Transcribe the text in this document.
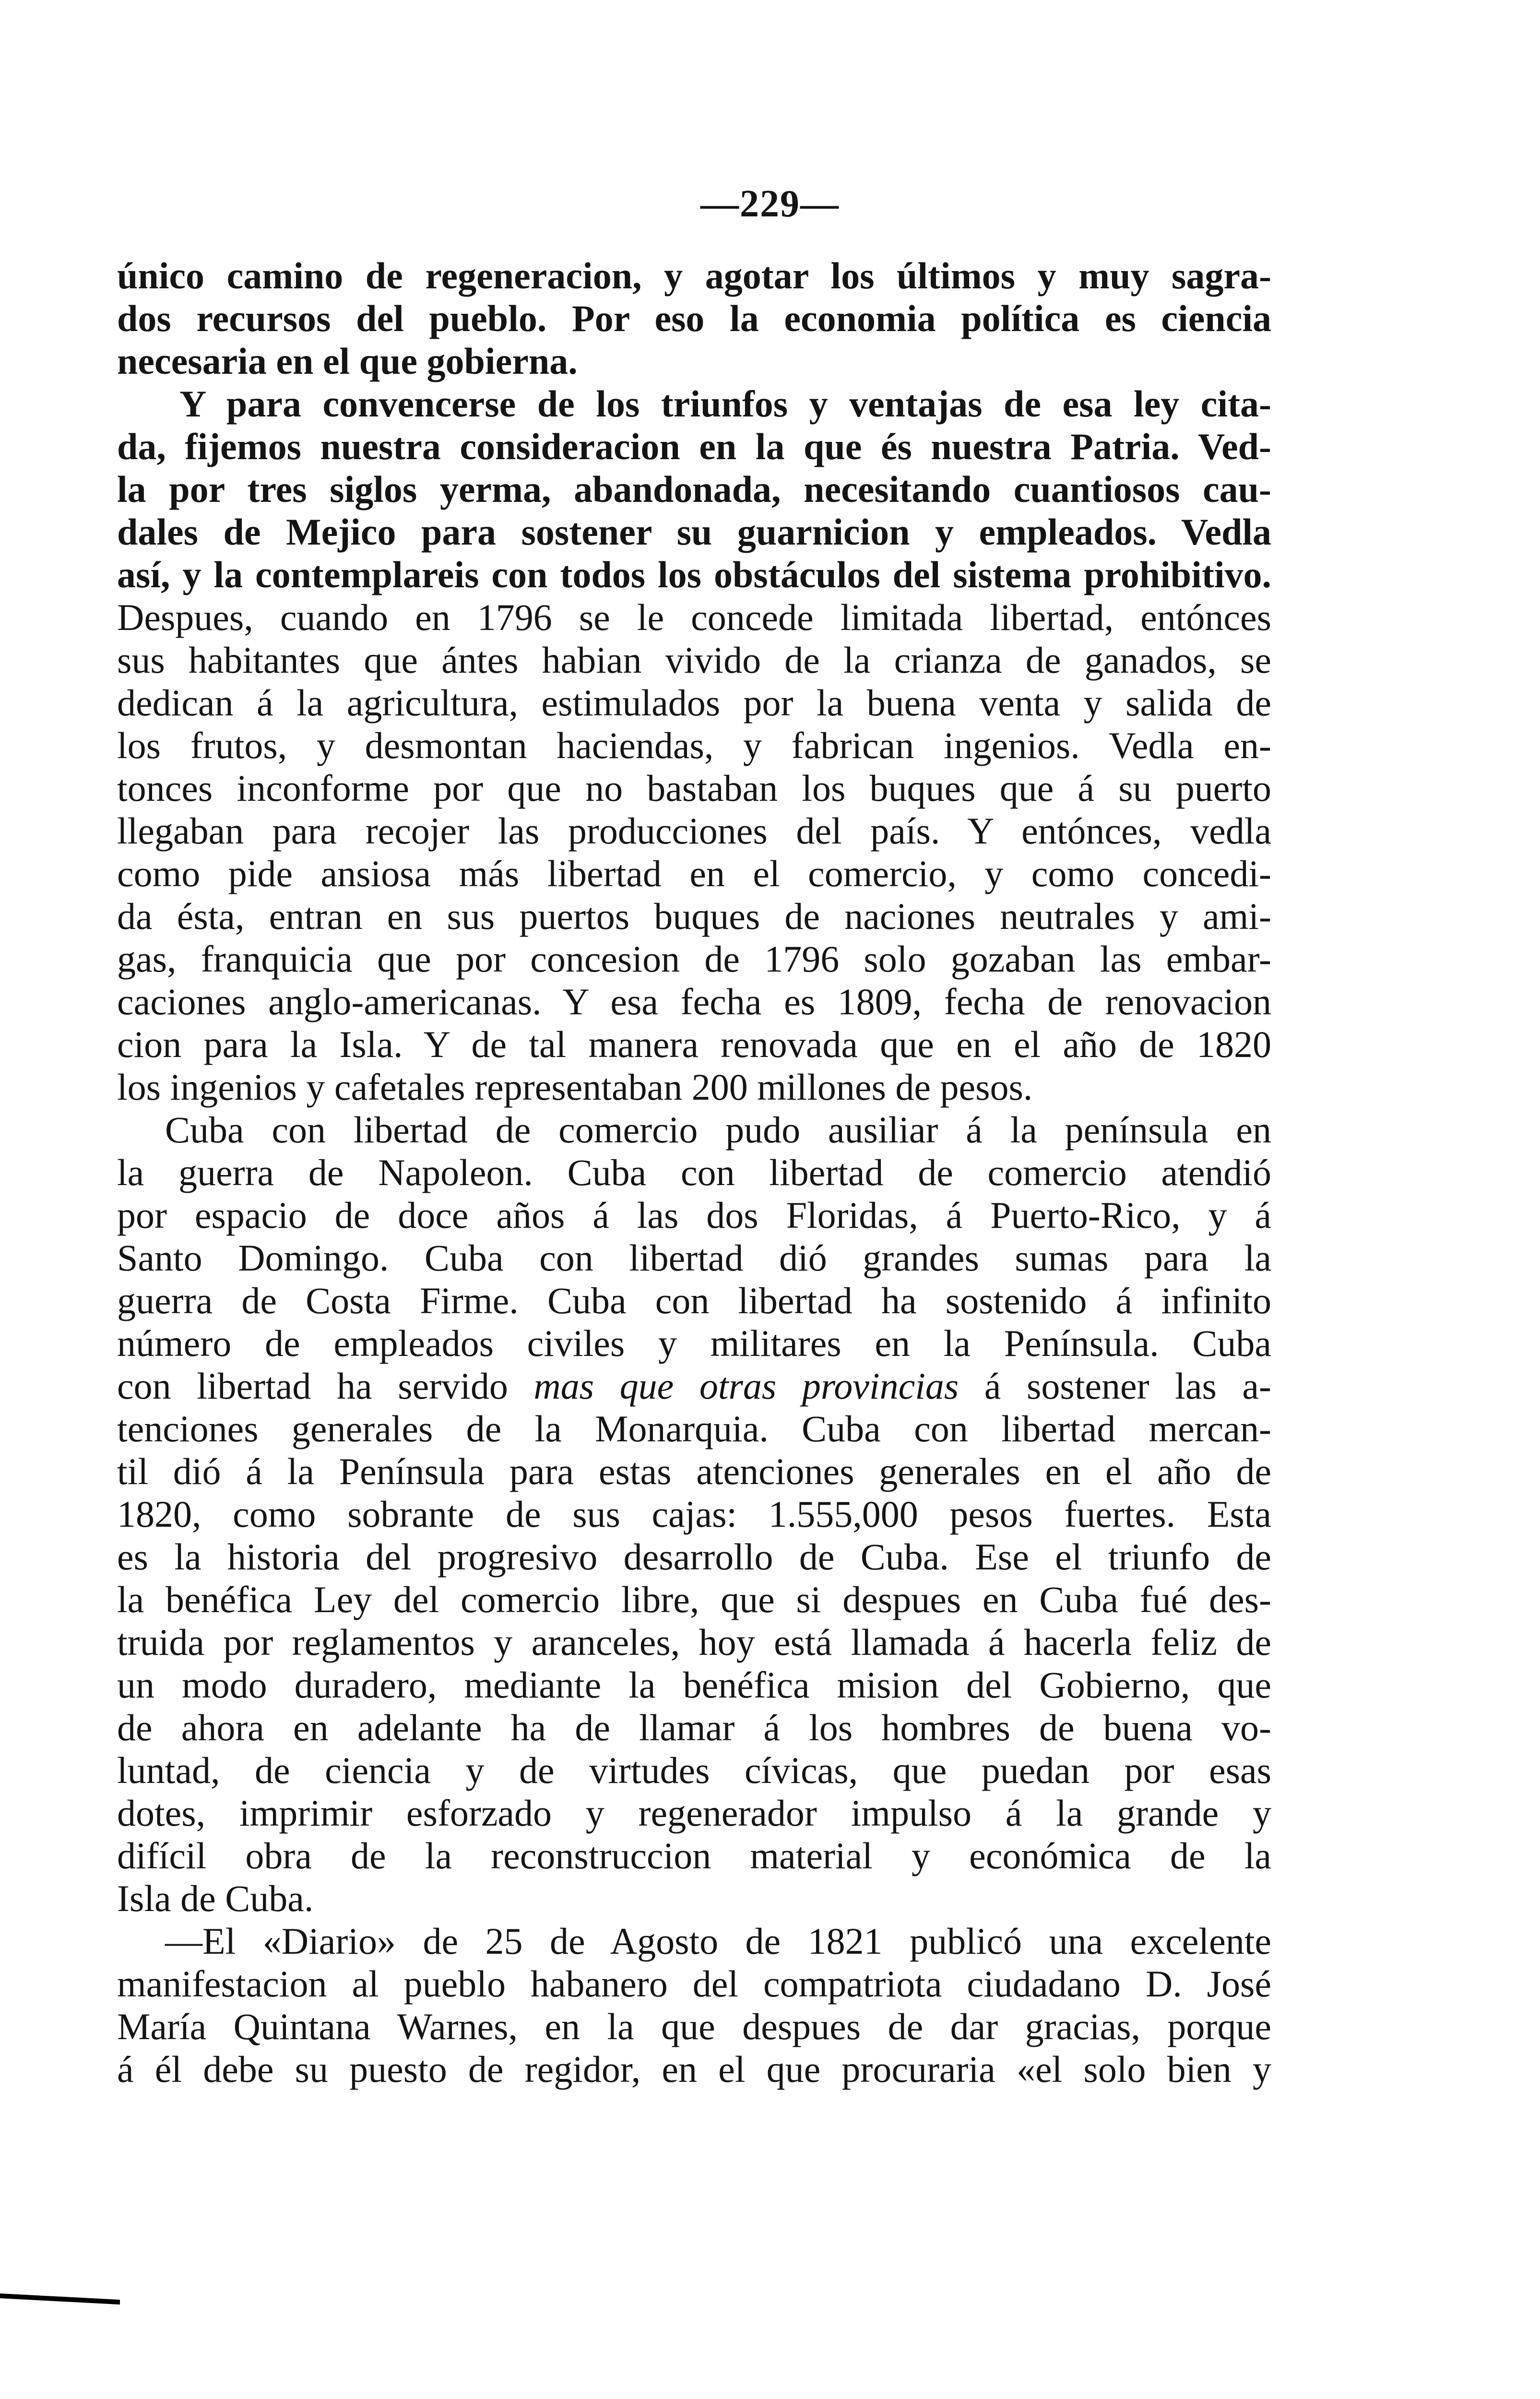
—229—
único camino de regeneracion, y agotar los últimos y muy sagra-
dos recursos del pueblo. Por eso la economia política es ciencia
necesaria en el que gobierna.
Y para convencerse de los triunfos y ventajas de esa ley cita-
da, fijemos nuestra consideracion en la que és nuestra Patria. Ved-
la por tres siglos yerma, abandonada, necesitando cuantiosos cau-
dales de Mejico para sostener su guarnicion y empleados. Vedla
así, y la contemplareis con todos los obstáculos del sistema prohibitivo.
Despues, cuando en 1796 se le concede limitada libertad, entónces
sus habitantes que ántes habian vivido de la crianza de ganados, se
dedican á la agricultura, estimulados por la buena venta y salida de
los frutos, y desmontan haciendas, y fabrican ingenios. Vedla en-
tonces inconforme por que no bastaban los buques que á su puerto
llegaban para recojer las producciones del país. Y entónces, vedla
como pide ansiosa más libertad en el comercio, y como concedi-
da ésta, entran en sus puertos buques de naciones neutrales y ami-
gas, franquicia que por concesion de 1796 solo gozaban las embar-
caciones anglo-americanas. Y esa fecha es 1809, fecha de renovacion
cion para la Isla. Y de tal manera renovada que en el año de 1820
los ingenios y cafetales representaban 200 millones de pesos.
Cuba con libertad de comercio pudo ausiliar á la península en
la guerra de Napoleon. Cuba con libertad de comercio atendió
por espacio de doce años á las dos Floridas, á Puerto-Rico, y á
Santo Domingo. Cuba con libertad dió grandes sumas para la
guerra de Costa Firme. Cuba con libertad ha sostenido á infinito
número de empleados civiles y militares en la Península. Cuba
con libertad ha servido mas que otras provincias á sostener las a-
tenciones generales de la Monarquia. Cuba con libertad mercan-
til dió á la Península para estas atenciones generales en el año de
1820, como sobrante de sus cajas: 1.555,000 pesos fuertes. Esta
es la historia del progresivo desarrollo de Cuba. Ese el triunfo de
la benéfica Ley del comercio libre, que si despues en Cuba fué des-
truida por reglamentos y aranceles, hoy está llamada á hacerla feliz de
un modo duradero, mediante la benéfica mision del Gobierno, que
de ahora en adelante ha de llamar á los hombres de buena vo-
luntad, de ciencia y de virtudes cívicas, que puedan por esas
dotes, imprimir esforzado y regenerador impulso á la grande y
difícil obra de la reconstruccion material y económica de la
Isla de Cuba.
—El «Diario» de 25 de Agosto de 1821 publicó una excelente
manifestacion al pueblo habanero del compatriota ciudadano D. José
María Quintana Warnes, en la que despues de dar gracias, porque
á él debe su puesto de regidor, en el que procuraria «el solo bien y
